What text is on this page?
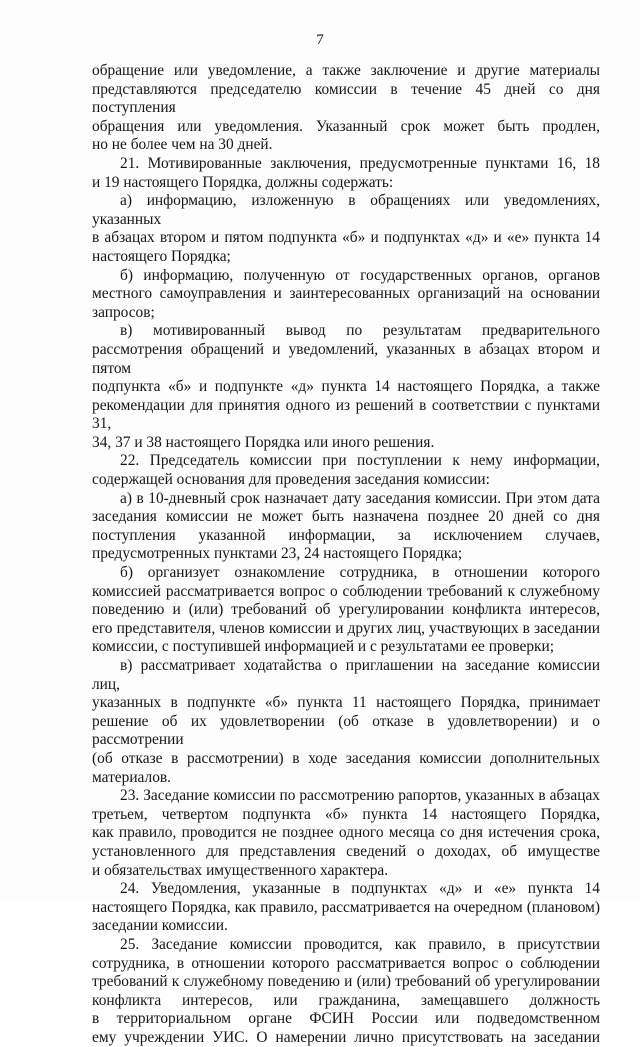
7

обращение или уведомление, а также заключение и другие материалы

представляются председателю комиссии в течение 45 дней со дня поступления

обращения или уведомления. Указанный срок может быть продлен,

но не более чем на 30 дней.

21. Мотивированные заключения, предусмотренные пунктами 16, 18

и 19 настоящего Порядка, должны содержать:

а) информацию, изложенную в обращениях или уведомлениях, указанных

в абзацах втором и пятом подпункта «б» и подпунктах «д» и «е» пункта 14

настоящего Порядка;

б) информацию, полученную от государственных органов, органов

местного самоуправления и заинтересованных организаций на основании

запросов;

в) мотивированный вывод по результатам предварительного

рассмотрения обращений и уведомлений, указанных в абзацах втором и пятом

подпункта «б» и подпункте «д» пункта 14 настоящего Порядка, а также

рекомендации для принятия одного из решений в соответствии с пунктами 31,

34, 37 и 38 настоящего Порядка или иного решения.

22. Председатель комиссии при поступлении к нему информации,

содержащей основания для проведения заседания комиссии:

а) в 10-дневный срок назначает дату заседания комиссии. При этом дата

заседания комиссии не может быть назначена позднее 20 дней со дня

поступления указанной информации, за исключением случаев,

предусмотренных пунктами 23, 24 настоящего Порядка;

б) организует ознакомление сотрудника, в отношении которого

комиссией рассматривается вопрос о соблюдении требований к служебному

поведению и (или) требований об урегулировании конфликта интересов,

его представителя, членов комиссии и других лиц, участвующих в заседании

комиссии, с поступившей информацией и с результатами ее проверки;

в) рассматривает ходатайства о приглашении на заседание комиссии лиц,

указанных в подпункте «б» пункта 11 настоящего Порядка, принимает

решение об их удовлетворении (об отказе в удовлетворении) и о рассмотрении

(об отказе в рассмотрении) в ходе заседания комиссии дополнительных

материалов.

23. Заседание комиссии по рассмотрению рапортов, указанных в абзацах

третьем, четвертом подпункта «б» пункта 14 настоящего Порядка,

как правило, проводится не позднее одного месяца со дня истечения срока,

установленного для представления сведений о доходах, об имуществе

и обязательствах имущественного характера.

24. Уведомления, указанные в подпунктах «д» и «е» пункта 14

настоящего Порядка, как правило, рассматривается на очередном (плановом)

заседании комиссии.

25. Заседание комиссии проводится, как правило, в присутствии

сотрудника, в отношении которого рассматривается вопрос о соблюдении

требований к служебному поведению и (или) требований об урегулировании

конфликта интересов, или гражданина, замещавшего должность

в территориальном органе ФСИН России или подведомственном

ему учреждении УИС. О намерении лично присутствовать на заседании
